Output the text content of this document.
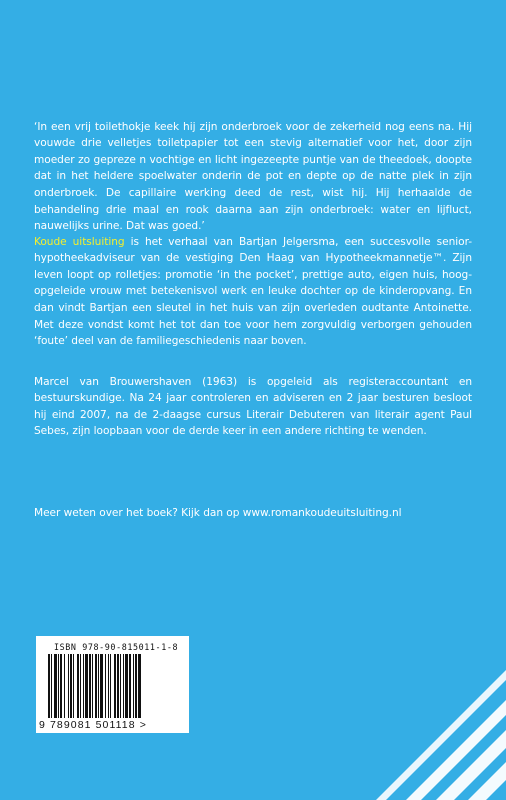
‘In een vrij toilethokje keek hij zijn onderbroek voor de zekerheid nog eens na. Hij vouwde drie velletjes toiletpapier tot een stevig alternatief voor het, door zijn moeder zo gepreze n vochtige en licht ingezeepte puntje van de theedoek, doopte dat in het heldere spoelwater onderin de pot en depte op de natte plek in zijn onderbroek. De capillaire werking deed de rest, wist hij. Hij herhaalde de behandeling drie maal en rook daarna aan zijn onderbroek: water en lijfluct, nauwelijks urine. Dat was goed.’

Koude uitsluiting is het verhaal van Bartjan Jelgersma, een succesvolle senior-hypotheekadviseur van de vestiging Den Haag van Hypotheekmannetje™. Zijn leven loopt op rolletjes: promotie ‘in the pocket’, prettige auto, eigen huis, hoog-opgeleide vrouw met betekenisvol werk en leuke dochter op de kinderopvang. En dan vindt Bartjan een sleutel in het huis van zijn overleden oudtante Antoinette. Met deze vondst komt het tot dan toe voor hem zorgvuldig verborgen gehouden ‘foute’ deel van de familiegeschiedenis naar boven.

Marcel van Brouwershaven (1963) is opgeleid als registeraccountant en bestuurskundige. Na 24 jaar controleren en adviseren en 2 jaar besturen besloot hij eind 2007, na de 2-daagse cursus Literair Debuteren van literair agent Paul Sebes, zijn loopbaan voor de derde keer in een andere richting te wenden.

Meer weten over het boek? Kijk dan op www.romankoudeuitsluiting.nl

ISBN 978-90-815011-1-8
9 789081 501118 >
